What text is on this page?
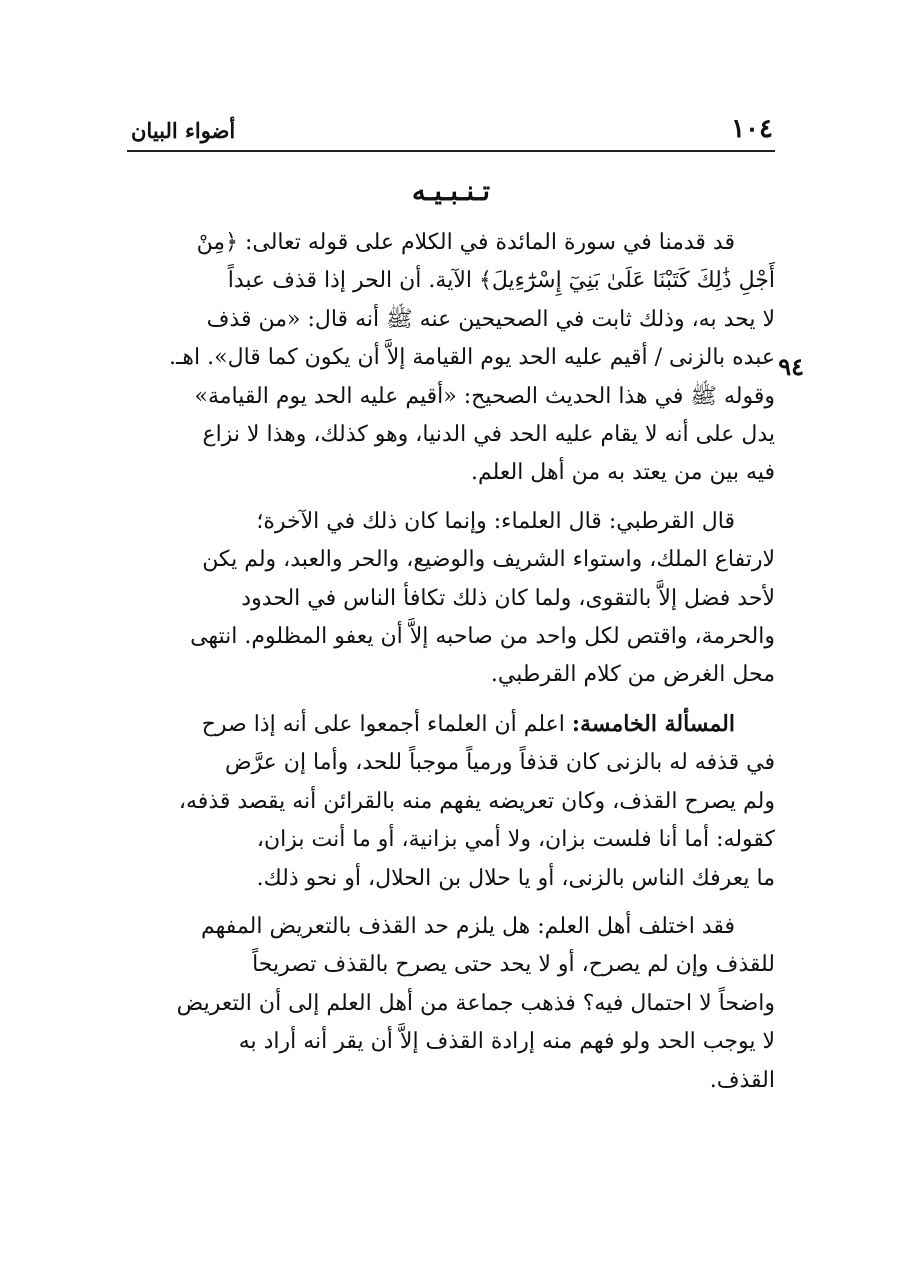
١٠٤
أضواء البيان
تـنـبـيـه
٩٤

قد قدمنا في سورة المائدة في الكلام على قوله تعالى: ﴿مِنْ
أَجْلِ ذَٰلِكَ كَتَبْنَا عَلَىٰ بَنِيٓ إِسْرَٰٓءِيلَ﴾ الآية. أن الحر إذا قذف عبداً
لا يحد به، وذلك ثابت في الصحيحين عنه ﷺ أنه قال: «من قذف
عبده بالزنى / أقيم عليه الحد يوم القيامة إلاَّ أن يكون كما قال». اهـ.
وقوله ﷺ في هذا الحديث الصحيح: «أقيم عليه الحد يوم القيامة»
يدل على أنه لا يقام عليه الحد في الدنيا، وهو كذلك، وهذا لا نزاع
فيه بين من يعتد به من أهل العلم.

قال القرطبي: قال العلماء: وإنما كان ذلك في الآخرة؛
لارتفاع الملك، واستواء الشريف والوضيع، والحر والعبد، ولم يكن
لأحد فضل إلاَّ بالتقوى، ولما كان ذلك تكافأ الناس في الحدود
والحرمة، واقتص لكل واحد من صاحبه إلاَّ أن يعفو المظلوم. انتهى
محل الغرض من كلام القرطبي.

المسألة الخامسة: اعلم أن العلماء أجمعوا على أنه إذا صرح
في قذفه له بالزنى كان قذفاً ورمياً موجباً للحد، وأما إن عرَّض
ولم يصرح القذف، وكان تعريضه يفهم منه بالقرائن أنه يقصد قذفه،
كقوله: أما أنا فلست بزان، ولا أمي بزانية، أو ما أنت بزان،
ما يعرفك الناس بالزنى، أو يا حلال بن الحلال، أو نحو ذلك.

فقد اختلف أهل العلم: هل يلزم حد القذف بالتعريض المفهم
للقذف وإن لم يصرح، أو لا يحد حتى يصرح بالقذف تصريحاً
واضحاً لا احتمال فيه؟ فذهب جماعة من أهل العلم إلى أن التعريض
لا يوجب الحد ولو فهم منه إرادة القذف إلاَّ أن يقر أنه أراد به
القذف.
